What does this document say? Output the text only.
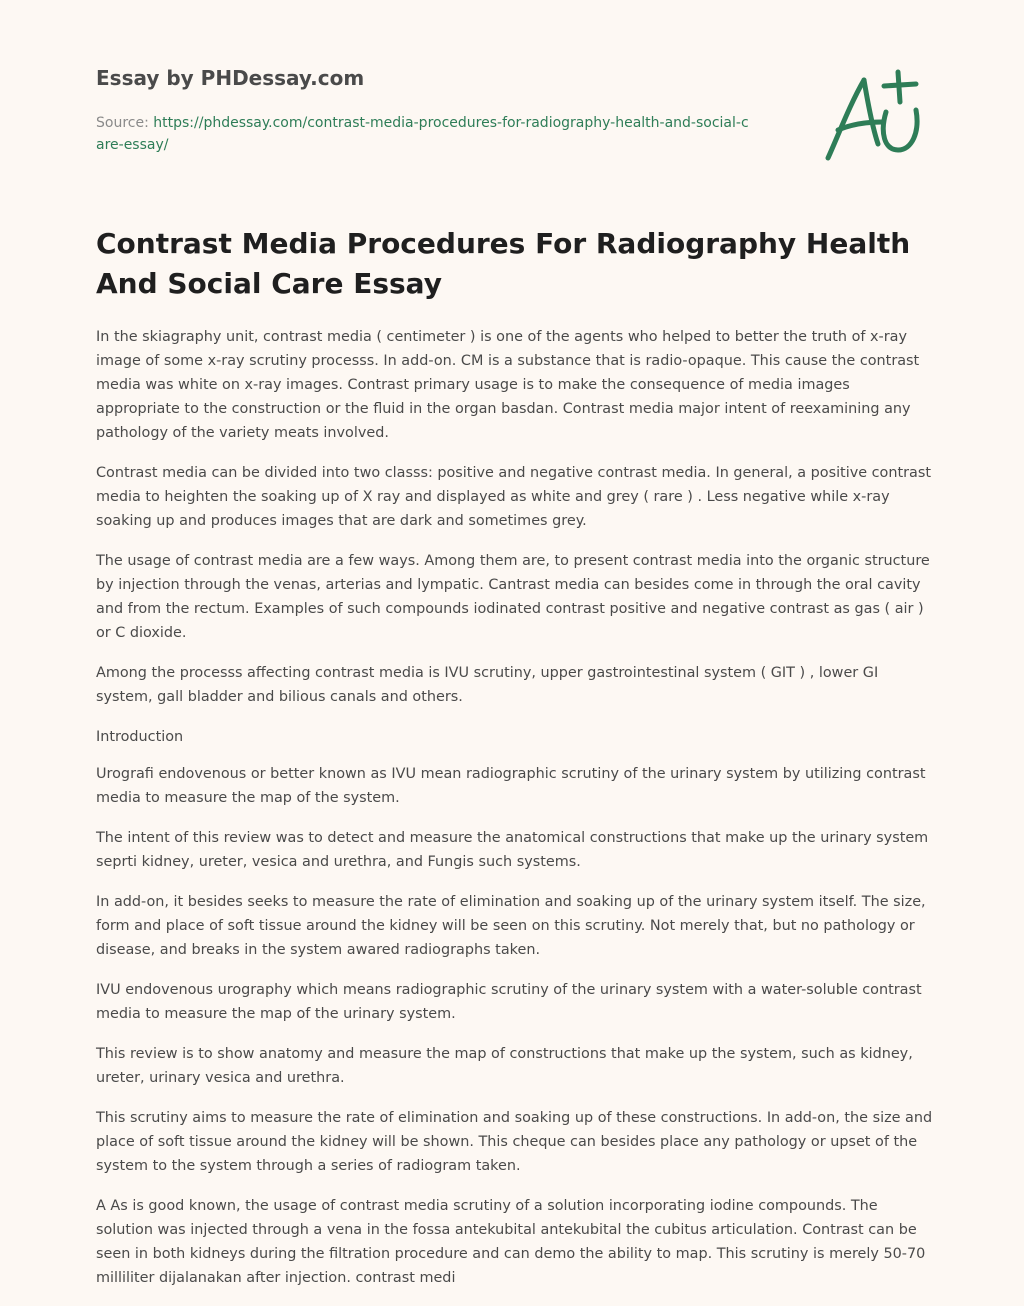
Essay by PHDessay.com
Source: https://phdessay.com/contrast-media-procedures-for-radiography-health-and-social-care-essay/
Contrast Media Procedures For Radiography Health And Social Care Essay

In the skiagraphy unit, contrast media ( centimeter ) is one of the agents who helped to better the truth of x-ray image of some x-ray scrutiny processs. In add-on. CM is a substance that is radio-opaque. This cause the contrast media was white on x-ray images. Contrast primary usage is to make the consequence of media images appropriate to the construction or the fluid in the organ basdan. Contrast media major intent of reexamining any pathology of the variety meats involved.

Contrast media can be divided into two classs: positive and negative contrast media. In general, a positive contrast media to heighten the soaking up of X ray and displayed as white and grey ( rare ) . Less negative while x-ray soaking up and produces images that are dark and sometimes grey.

The usage of contrast media are a few ways. Among them are, to present contrast media into the organic structure by injection through the venas, arterias and lympatic. Cantrast media can besides come in through the oral cavity and from the rectum. Examples of such compounds iodinated contrast positive and negative contrast as gas ( air ) or C dioxide.

Among the processs affecting contrast media is IVU scrutiny, upper gastrointestinal system ( GIT ) , lower GI system, gall bladder and bilious canals and others.

Introduction

Urografi endovenous or better known as IVU mean radiographic scrutiny of the urinary system by utilizing contrast media to measure the map of the system.

The intent of this review was to detect and measure the anatomical constructions that make up the urinary system seprti kidney, ureter, vesica and urethra, and Fungis such systems.

In add-on, it besides seeks to measure the rate of elimination and soaking up of the urinary system itself. The size, form and place of soft tissue around the kidney will be seen on this scrutiny. Not merely that, but no pathology or disease, and breaks in the system awared radiographs taken.

IVU endovenous urography which means radiographic scrutiny of the urinary system with a water-soluble contrast media to measure the map of the urinary system.

This review is to show anatomy and measure the map of constructions that make up the system, such as kidney, ureter, urinary vesica and urethra.

This scrutiny aims to measure the rate of elimination and soaking up of these constructions. In add-on, the size and place of soft tissue around the kidney will be shown. This cheque can besides place any pathology or upset of the system to the system through a series of radiogram taken.

A As is good known, the usage of contrast media scrutiny of a solution incorporating iodine compounds. The solution was injected through a vena in the fossa antekubital antekubital the cubitus articulation. Contrast can be seen in both kidneys during the filtration procedure and can demo the ability to map. This scrutiny is merely 50-70 milliliter dijalanakan after injection. contrast medi
